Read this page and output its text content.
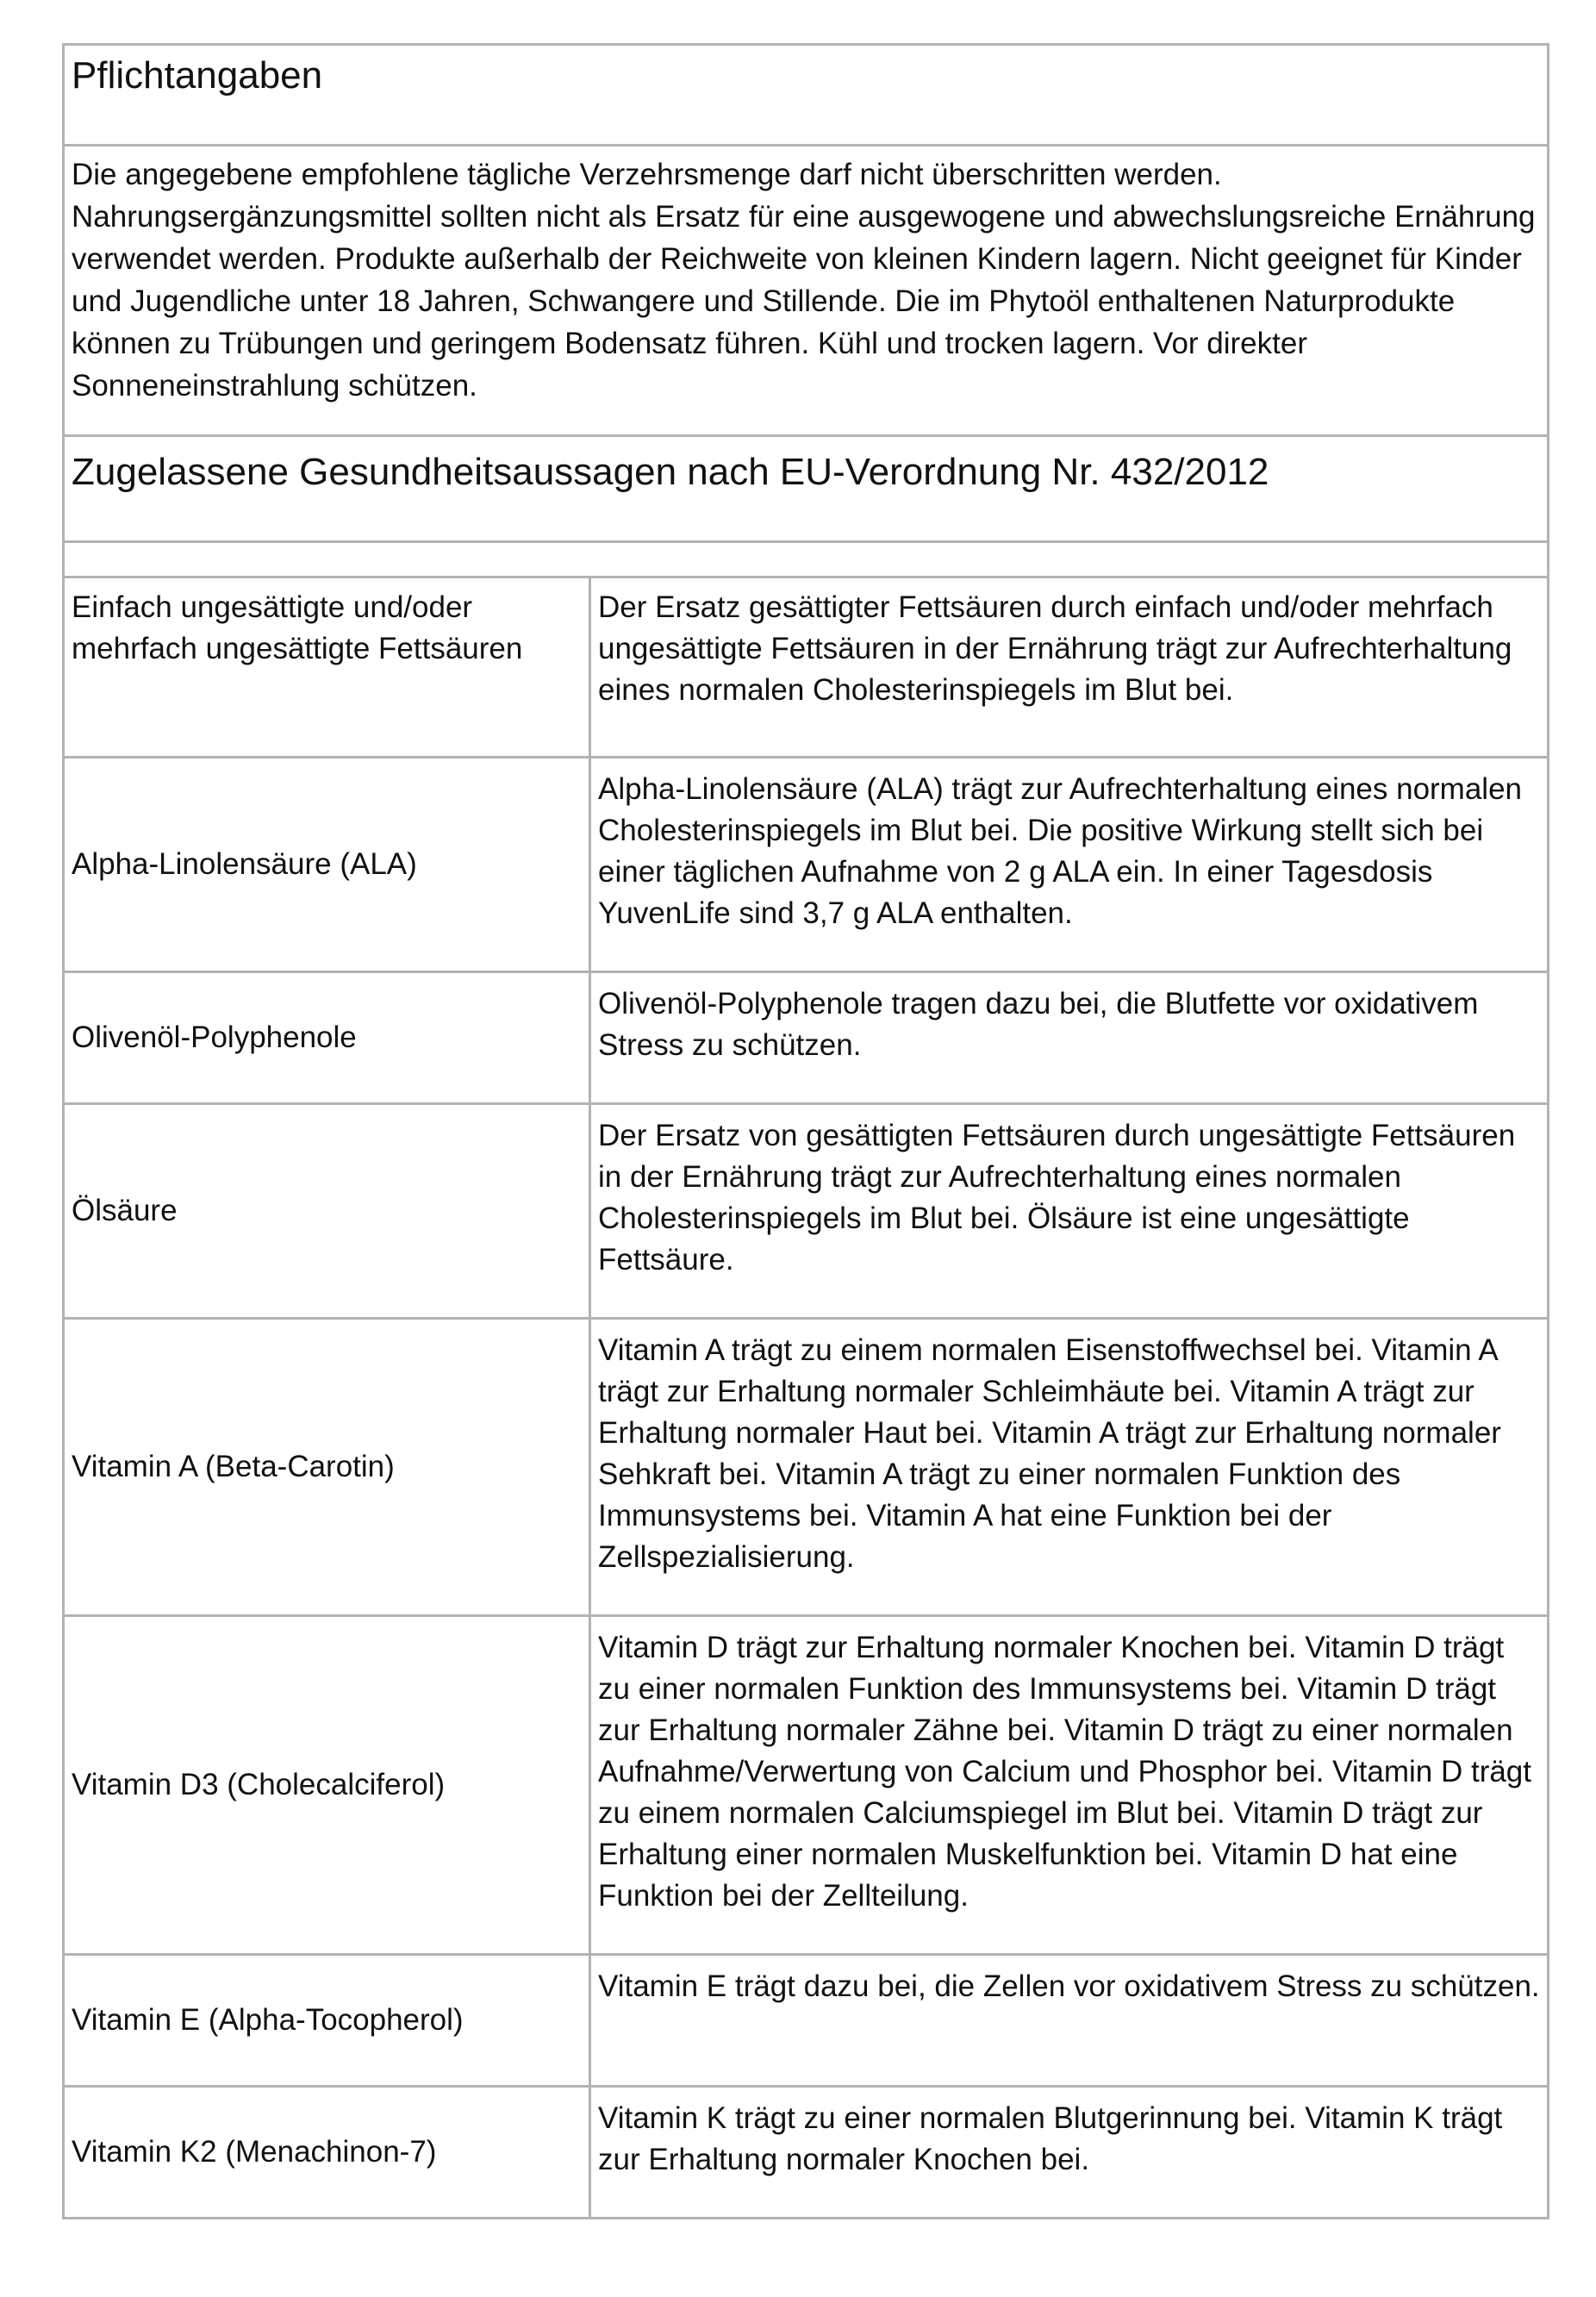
Pflichtangaben	
Die angegebene empfohlene tägliche Verzehrsmenge darf nicht überschritten werden. Nahrungsergänzungsmittel sollten nicht als Ersatz für eine ausgewogene und abwechslungsreiche Ernährung verwendet werden. Produkte außerhalb der Reichweite von kleinen Kindern lagern. Nicht geeignet für Kinder und Jugendliche unter 18 Jahren, Schwangere und Stillende. Die im Phytoöl enthaltenen Naturprodukte können zu Trübungen und geringem Bodensatz führen. Kühl und trocken lagern. Vor direkter Sonneneinstrahlung schützen.	
Zugelassene Gesundheitsaussagen nach EU-Verordnung Nr. 432/2012	

Einfach ungesättigte und/oder mehrfach ungesättigte Fettsäuren	Der Ersatz gesättigter Fettsäuren durch einfach und/oder mehrfach ungesättigte Fettsäuren in der Ernährung trägt zur Aufrechterhaltung eines normalen Cholesterinspiegels im Blut bei.
Alpha-Linolensäure (ALA)	Alpha-Linolensäure (ALA) trägt zur Aufrechterhaltung eines normalen Cholesterinspiegels im Blut bei. Die positive Wirkung stellt sich bei einer täglichen Aufnahme von 2 g ALA ein. In einer Tagesdosis YuvenLife sind 3,7 g ALA enthalten.
Olivenöl-Polyphenole	Olivenöl-Polyphenole tragen dazu bei, die Blutfette vor oxidativem Stress zu schützen.
Ölsäure	Der Ersatz von gesättigten Fettsäuren durch ungesättigte Fettsäuren in der Ernährung trägt zur Aufrechterhaltung eines normalen Cholesterinspiegels im Blut bei. Ölsäure ist eine ungesättigte Fettsäure.
Vitamin A (Beta-Carotin)	Vitamin A trägt zu einem normalen Eisenstoffwechsel bei. Vitamin A trägt zur Erhaltung normaler Schleimhäute bei. Vitamin A trägt zur Erhaltung normaler Haut bei. Vitamin A trägt zur Erhaltung normaler Sehkraft bei. Vitamin A trägt zu einer normalen Funktion des Immunsystems bei. Vitamin A hat eine Funktion bei der Zellspezialisierung.
Vitamin D3 (Cholecalciferol)	Vitamin D trägt zur Erhaltung normaler Knochen bei. Vitamin D trägt zu einer normalen Funktion des Immunsystems bei. Vitamin D trägt zur Erhaltung normaler Zähne bei. Vitamin D trägt zu einer normalen Aufnahme/Verwertung von Calcium und Phosphor bei. Vitamin D trägt zu einem normalen Calciumspiegel im Blut bei. Vitamin D trägt zur Erhaltung einer normalen Muskelfunktion bei. Vitamin D hat eine Funktion bei der Zellteilung.
Vitamin E (Alpha-Tocopherol)	Vitamin E trägt dazu bei, die Zellen vor oxidativem Stress zu schützen.
Vitamin K2 (Menachinon-7)	Vitamin K trägt zu einer normalen Blutgerinnung bei. Vitamin K trägt zur Erhaltung normaler Knochen bei.
